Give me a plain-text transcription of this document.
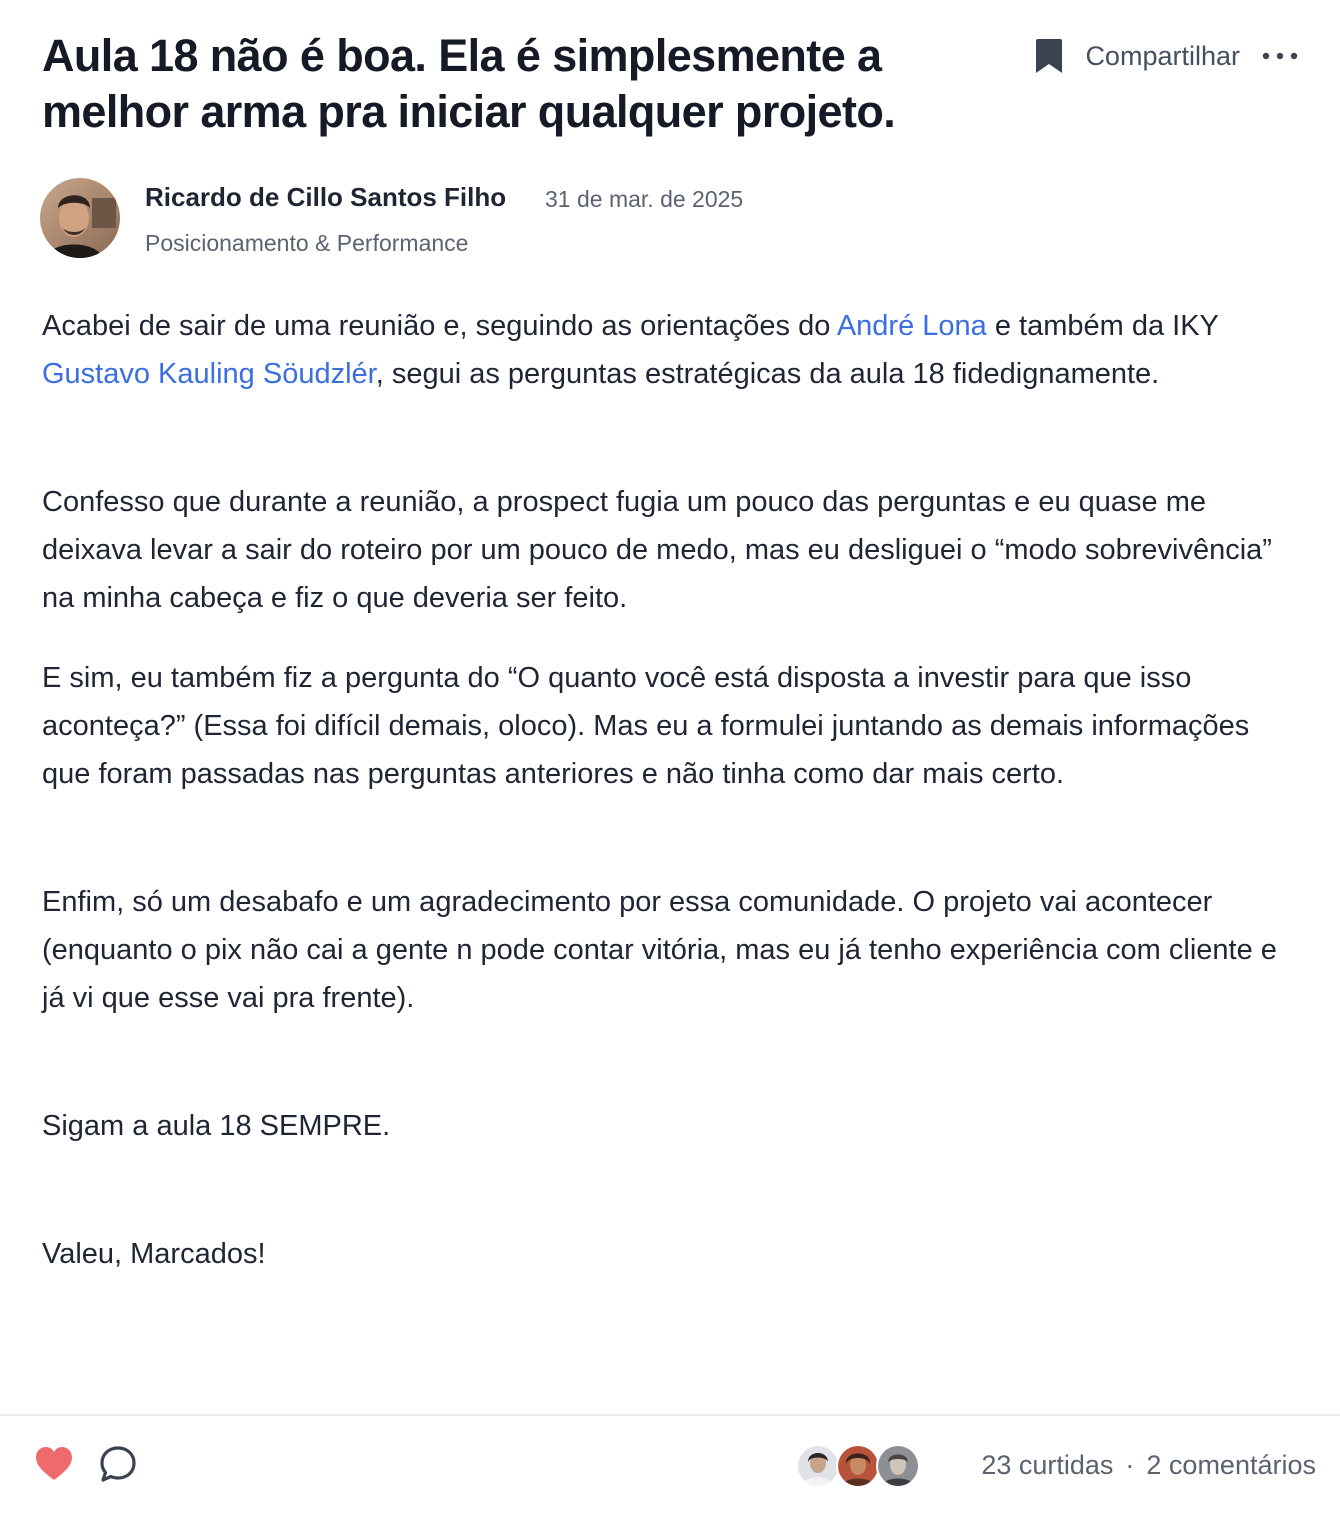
Aula 18 não é boa. Ela é simplesmente a melhor arma pra iniciar qualquer projeto.
Compartilhar
Ricardo de Cillo Santos Filho 31 de mar. de 2025
Posicionamento & Performance

Acabei de sair de uma reunião e, seguindo as orientações do André Lona e também da IKY Gustavo Kauling Söudzlér, segui as perguntas estratégicas da aula 18 fidedignamente.

Confesso que durante a reunião, a prospect fugia um pouco das perguntas e eu quase me deixava levar a sair do roteiro por um pouco de medo, mas eu desliguei o “modo sobrevivência” na minha cabeça e fiz o que deveria ser feito.

E sim, eu também fiz a pergunta do “O quanto você está disposta a investir para que isso aconteça?” (Essa foi difícil demais, oloco). Mas eu a formulei juntando as demais informações que foram passadas nas perguntas anteriores e não tinha como dar mais certo.

Enfim, só um desabafo e um agradecimento por essa comunidade. O projeto vai acontecer (enquanto o pix não cai a gente n pode contar vitória, mas eu já tenho experiência com cliente e já vi que esse vai pra frente).

Sigam a aula 18 SEMPRE.

Valeu, Marcados!

23 curtidas · 2 comentários
